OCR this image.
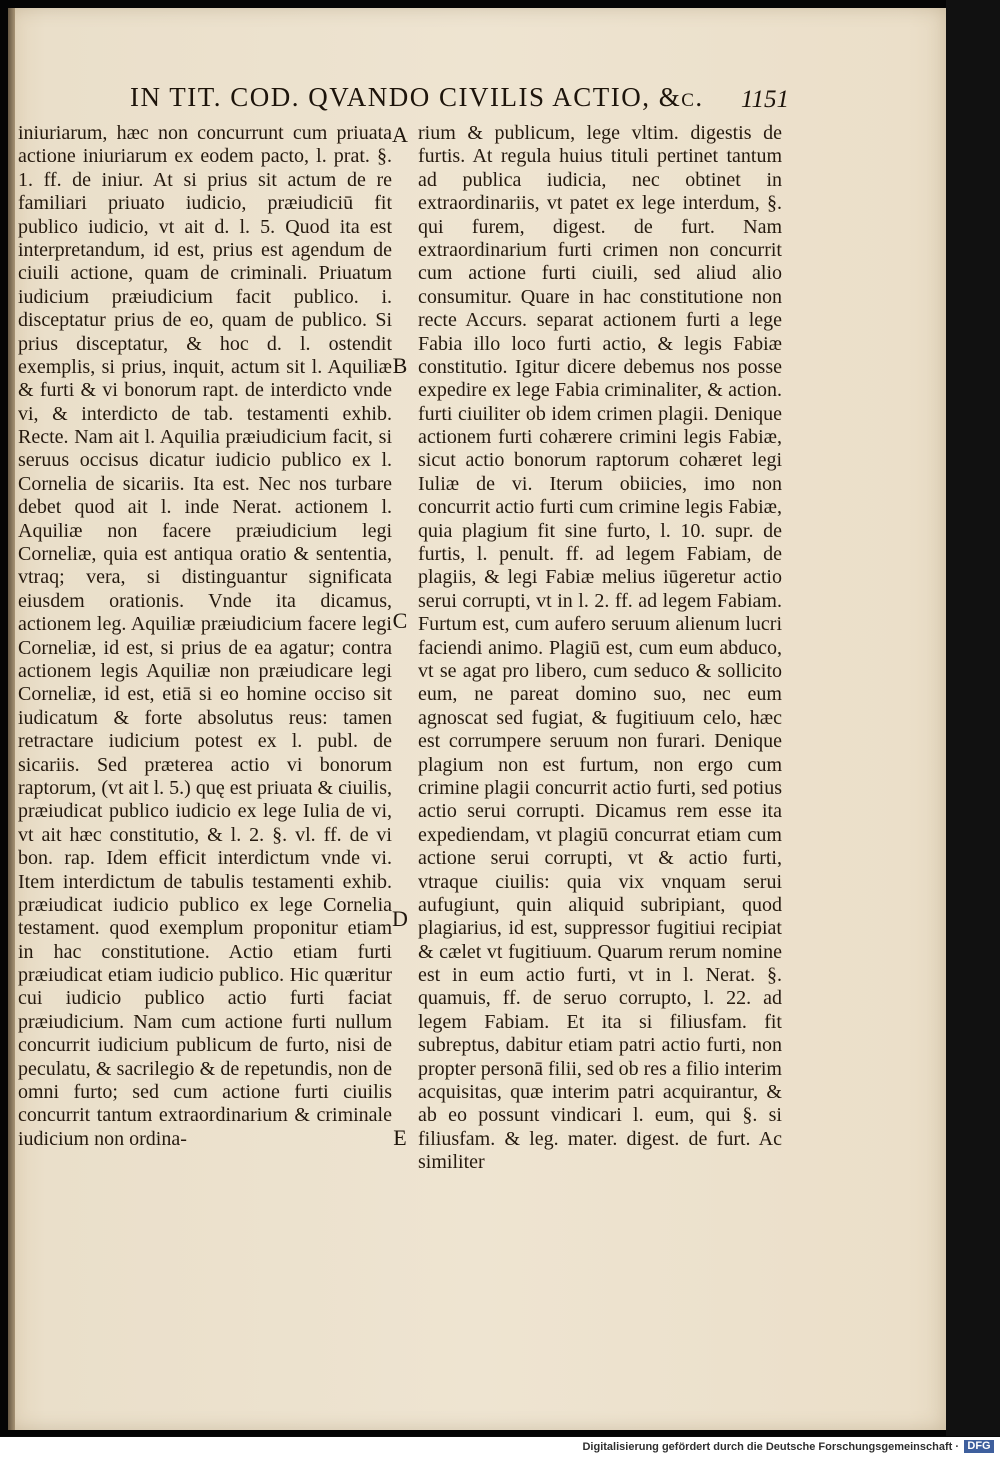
IN TIT. COD. QVANDO CIVILIS ACTIO, &c.	1151

iniuriarum, hæc non concurrunt cum priuata actione iniuriarum ex eodem pacto, l. prat. §. 1. ff. de iniur. At si prius sit actum de re familiari priuato iudicio, præiudiciū fit publico iudicio, vt ait d. l. 5. Quod ita est interpretandum, id est, prius est agendum de ciuili actione, quam de criminali. Priuatum iudicium præiudicium facit publico. i. disceptatur prius de eo, quam de publico. Si prius disceptatur, & hoc d. l. ostendit exemplis, si prius, inquit, actum sit l. Aquiliæ & furti & vi bonorum rapt. de interdicto vnde vi, & interdicto de tab. testamenti exhib. Recte. Nam ait l. Aquilia præiudicium facit, si seruus occisus dicatur iudicio publico ex l. Cornelia de sicariis. Ita est. Nec nos turbare debet quod ait l. inde Nerat. actionem l. Aquiliæ non facere præiudicium legi Corneliæ, quia est antiqua oratio & sententia, vtraq; vera, si distinguantur significata eiusdem orationis. Vnde ita dicamus, actionem leg. Aquiliæ præiudicium facere legi Corneliæ, id est, si prius de ea agatur; contra actionem legis Aquiliæ non præiudicare legi Corneliæ, id est, etiā si eo homine occiso sit iudicatum & forte absolutus reus: tamen retractare iudicium potest ex l. publ. de sicariis. Sed præterea actio vi bonorum raptorum, (vt ait l. 5.) quę est priuata & ciuilis, præiudicat publico iudicio ex lege Iulia de vi, vt ait hæc constitutio, & l. 2. §. vl. ff. de vi bon. rap. Idem efficit interdictum vnde vi. Item interdictum de tabulis testamenti exhib. præiudicat iudicio publico ex lege Cornelia testament. quod exemplum proponitur etiam in hac constitutione. Actio etiam furti præiudicat etiam iudicio publico. Hic quæritur cui iudicio publico actio furti faciat præiudicium. Nam cum actione furti nullum concurrit iudicium publicum de furto, nisi de peculatu, & sacrilegio & de repetundis, non de omni furto; sed cum actione furti ciuilis concurrit tantum extraordinarium & criminale iudicium non ordina-

A
B
C
D
E

rium & publicum, lege vltim. digestis de furtis. At regula huius tituli pertinet tantum ad publica iudicia, nec obtinet in extraordinariis, vt patet ex lege interdum, §. qui furem, digest. de furt. Nam extraordinarium furti crimen non concurrit cum actione furti ciuili, sed aliud alio consumitur. Quare in hac constitutione non recte Accurs. separat actionem furti a lege Fabia illo loco furti actio, & legis Fabiæ constitutio. Igitur dicere debemus nos posse expedire ex lege Fabia criminaliter, & action. furti ciuiliter ob idem crimen plagii. Denique actionem furti cohærere crimini legis Fabiæ, sicut actio bonorum raptorum cohæret legi Iuliæ de vi. Iterum obiicies, imo non concurrit actio furti cum crimine legis Fabiæ, quia plagium fit sine furto, l. 10. supr. de furtis, l. penult. ff. ad legem Fabiam, de plagiis, & legi Fabiæ melius iūgeretur actio serui corrupti, vt in l. 2. ff. ad legem Fabiam. Furtum est, cum aufero seruum alienum lucri faciendi animo. Plagiū est, cum eum abduco, vt se agat pro libero, cum seduco & sollicito eum, ne pareat domino suo, nec eum agnoscat sed fugiat, & fugitiuum celo, hæc est corrumpere seruum non furari. Denique plagium non est furtum, non ergo cum crimine plagii concurrit actio furti, sed potius actio serui corrupti. Dicamus rem esse ita expediendam, vt plagiū concurrat etiam cum actione serui corrupti, vt & actio furti, vtraque ciuilis: quia vix vnquam serui aufugiunt, quin aliquid subripiant, quod plagiarius, id est, suppressor fugitiui recipiat & cælet vt fugitiuum. Quarum rerum nomine est in eum actio furti, vt in l. Nerat. §. quamuis, ff. de seruo corrupto, l. 22. ad legem Fabiam. Et ita si filiusfam. fit subreptus, dabitur etiam patri actio furti, non propter personā filii, sed ob res a filio interim acquisitas, quæ interim patri acquirantur, & ab eo possunt vindicari l. eum, qui §. si filiusfam. & leg. mater. digest. de furt. Ac similiter

Digitalisierung gefördert durch die Deutsche Forschungsgemeinschaft · DFG
